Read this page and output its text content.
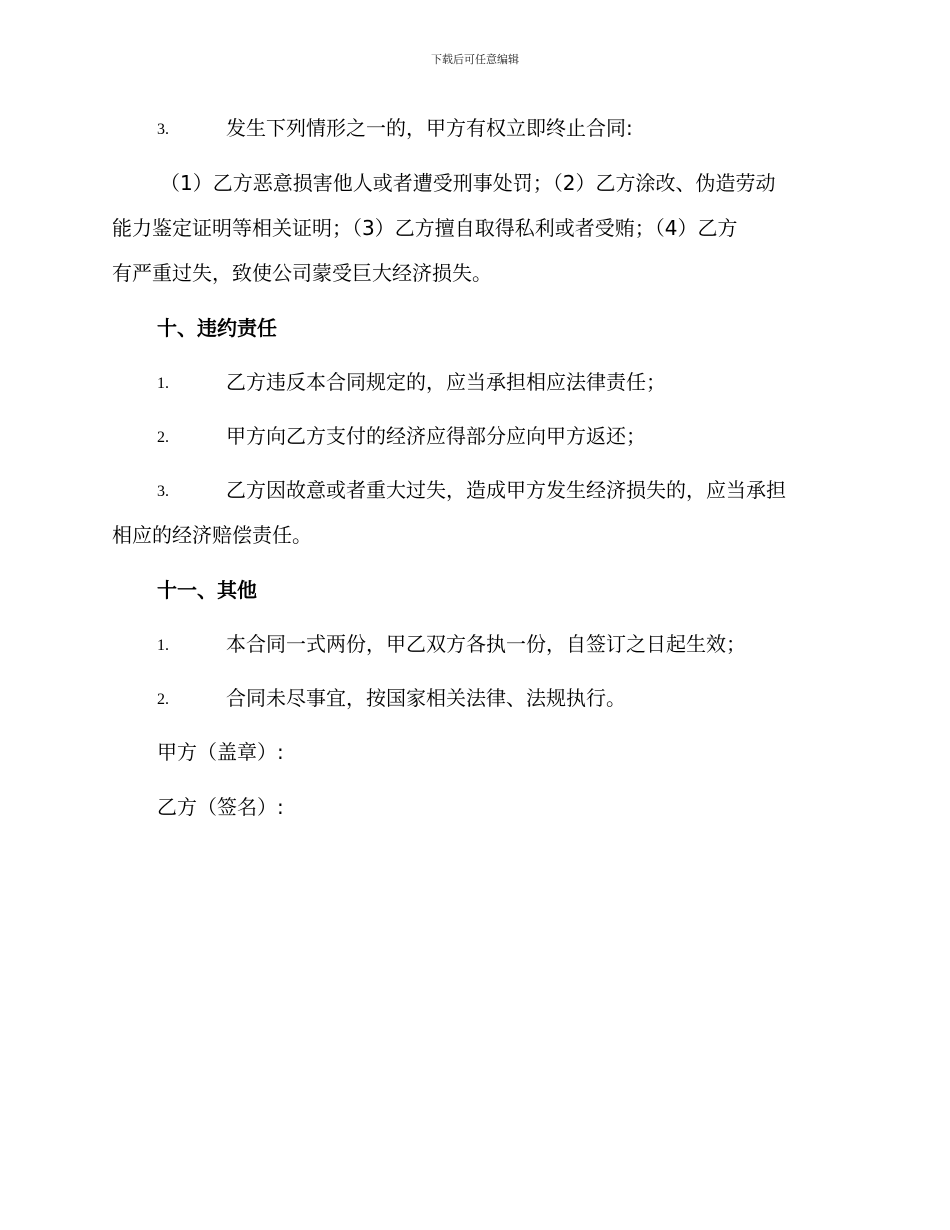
下载后可任意编辑
3.	发生下列情形之一的，甲方有权立即终止合同:
（1）乙方恶意损害他人或者遭受刑事处罚；（2）乙方涂改、伪造劳动
能力鉴定证明等相关证明；（3）乙方擅自取得私利或者受贿；（4）乙方
有严重过失，致使公司蒙受巨大经济损失。
十、违约责任
1.	乙方违反本合同规定的，应当承担相应法律责任；
2.	甲方向乙方支付的经济应得部分应向甲方返还；
3.	乙方因故意或者重大过失，造成甲方发生经济损失的，应当承担
相应的经济赔偿责任。
十一、其他
1.	本合同一式两份，甲乙双方各执一份，自签订之日起生效；
2.	合同未尽事宜，按国家相关法律、法规执行。
甲方（盖章）:
乙方（签名）:
